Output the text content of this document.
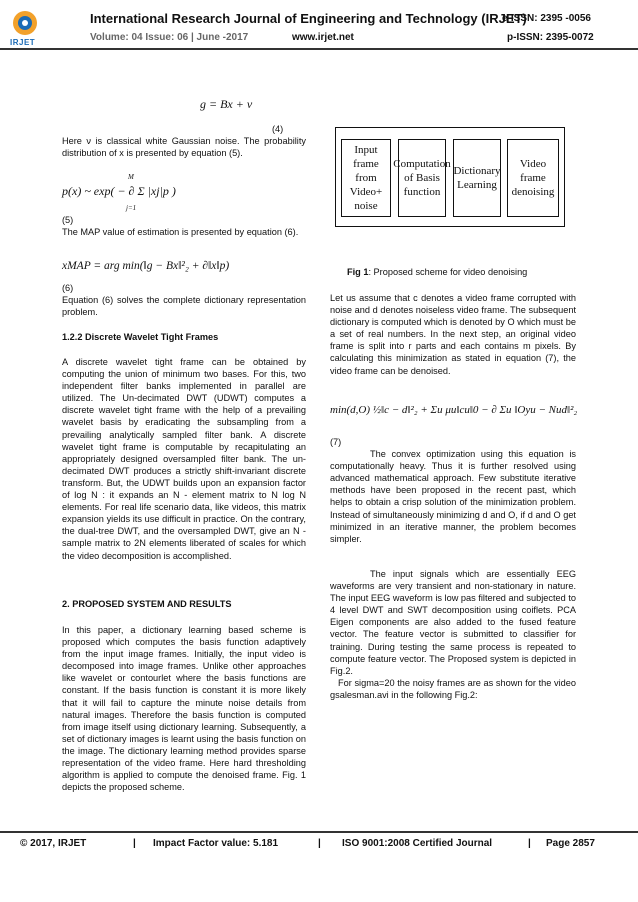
IRJET
International Research Journal of Engineering and Technology (IRJET)
e-ISSN: 2395 -0056
Volume: 04 Issue: 06 | June -2017	www.irjet.net	p-ISSN: 2395-0072
g = Bx + ν
(4)

Here ν is classical white Gaussian noise. The probability distribution of x is presented by equation (5).

p(x) ~ exp( − ∂ Σ |xj|p )
M
j=1

(5)

The MAP value of estimation is presented by equation (6).

xMAP = arg min(‖g − Bx‖²₂ + ∂‖x‖p)

(6)

Equation (6) solves the complete dictionary representation problem.

1.2.2 Discrete Wavelet Tight Frames

A discrete wavelet tight frame can be obtained by computing the union of minimum two bases. For this, two independent filter banks implemented in parallel are utilized. The Un-decimated DWT (UDWT) computes a discrete wavelet tight frame with the help of a prevailing wavelet basis by eradicating the subsampling from a prevailing analytically sampled filter bank. A discrete wavelet tight frame is computable by recapitulating an appropriately designed oversampled filter bank. The un-decimated DWT produces a strictly shift-invariant discrete transform. But, the UDWT builds upon an expansion factor of log N : it expands an N - element matrix to N log N elements. For real life scenario data, like videos, this matrix expansion yields its use difficult in practice. On the contrary, the dual-tree DWT, and the oversampled DWT, give an N -sample matrix to 2N elements liberated of scales for which the video decomposition is accomplished.

2. PROPOSED SYSTEM AND RESULTS

In this paper, a dictionary learning based scheme is proposed which computes the basis function adaptively from the input image frames. Initially, the input video is decomposed into image frames. Unlike other approaches like wavelet or contourlet where the basis functions are constant. If the basis function is constant it is more likely that it will fail to capture the minute noise details from natural images. Therefore the basis function is computed from image itself using dictionary learning. Subsequently, a set of dictionary images is learnt using the basis function on the image. The dictionary learning method provides sparse representation of the video frame. Here hard thresholding algorithm is applied to compute the denoised frame. Fig. 1 depicts the proposed scheme.

Input frame from Video+ noise
Computation of Basis function
Dictionary Learning
Video frame denoising
Fig 1: Proposed scheme for video denoising

Let us assume that c denotes a video frame corrupted with noise and d denotes noiseless video frame. The subsequent dictionary is computed which is denoted by O which must be a set of real numbers. In the next step, an original video frame is split into r parts and each contains m pixels. By calculating this minimization as stated in equation (7), the video frame can be denoised.

min(d,O) ½‖c − d‖²₂ + Σu μu‖cu‖0 − ∂ Σu ‖Oyu − Nud‖²₂

(7)

The convex optimization using this equation is computationally heavy. Thus it is further resolved using advanced mathematical approach. Few substitute iterative methods have been proposed in the recent past, which helps to obtain a crisp solution of the minimization problem. Instead of simultaneously minimizing d and O, if d and O get minimized in an iterative manner, the problem becomes simpler.

The input signals which are essentially EEG waveforms are very transient and non-stationary in nature. The input EEG waveform is low pas filtered and subjected to 4 level DWT and SWT decomposition using coiflets. PCA Eigen components are also added to the fused feature vector. The feature vector is submitted to classifier for training. During testing the same process is repeated to compute feature vector. The Proposed system is depicted in Fig.2.

For sigma=20 the noisy frames are as shown for the video gsalesman.avi in the following Fig.2:

© 2017, IRJET	| Impact Factor value: 5.181	| ISO 9001:2008 Certified Journal	| Page 2857
